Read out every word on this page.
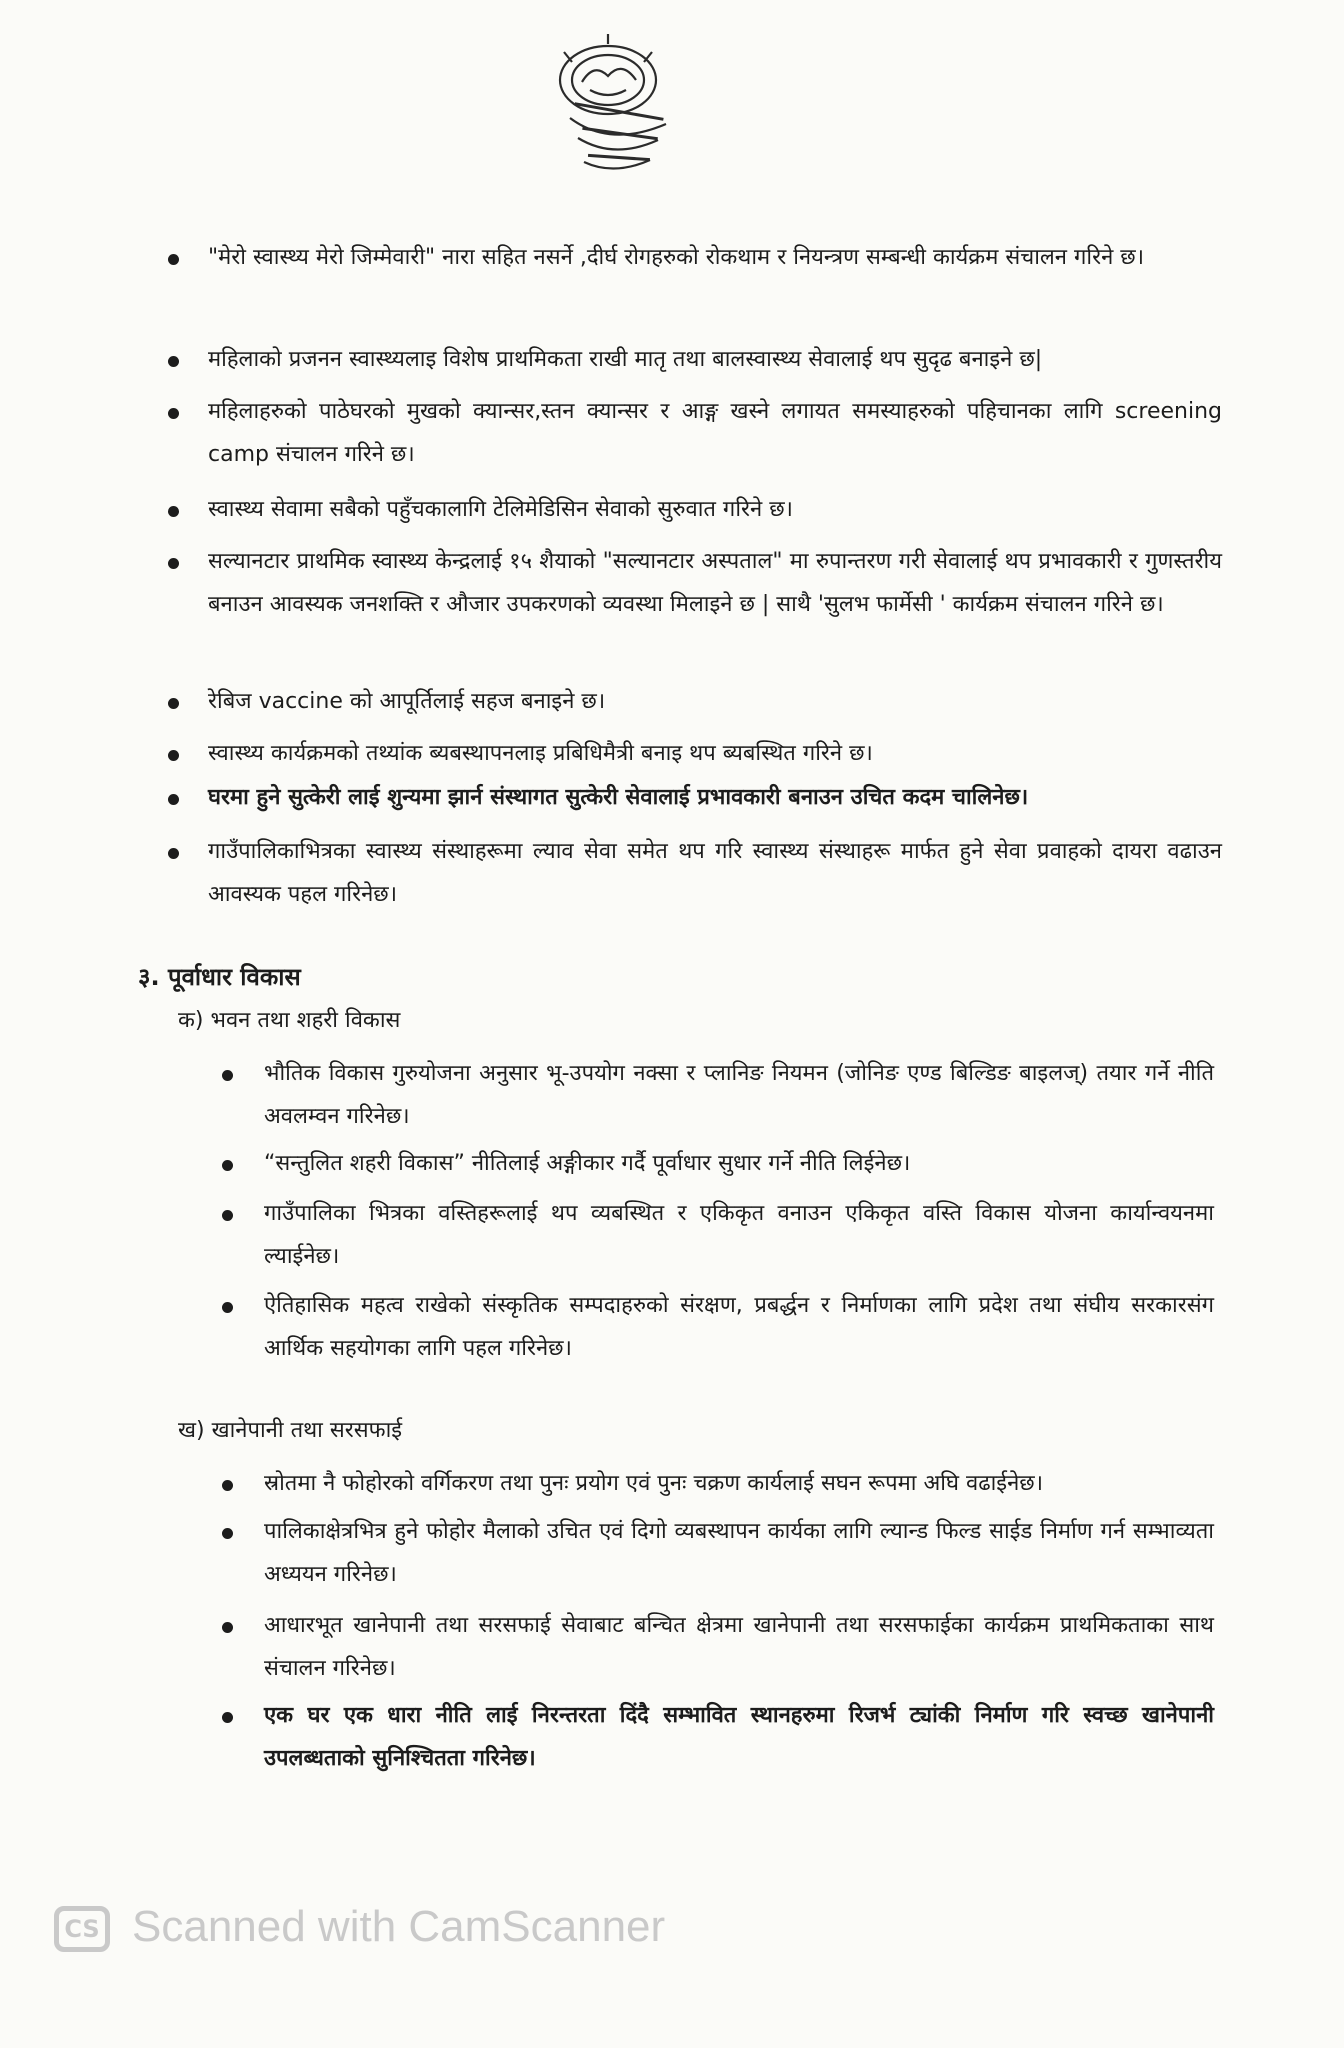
"मेरो स्वास्थ्य मेरो जिम्मेवारी" नारा सहित नसर्ने ,दीर्घ रोगहरुको रोकथाम र नियन्त्रण सम्बन्धी कार्यक्रम संचालन गरिने छ।
महिलाको प्रजनन स्वास्थ्यलाइ विशेष प्राथमिकता राखी मातृ तथा बालस्वास्थ्य सेवालाई थप सुदृढ बनाइने छ|
महिलाहरुको पाठेघरको मुखको क्यान्सर,स्तन क्यान्सर र आङ्ग खस्ने लगायत समस्याहरुको पहिचानका लागि screening camp संचालन गरिने छ।
स्वास्थ्य सेवामा सबैको पहुँचकालागि टेलिमेडिसिन सेवाको सुरुवात गरिने छ।
सल्यानटार प्राथमिक स्वास्थ्य केन्द्रलाई १५ शैयाको "सल्यानटार अस्पताल" मा रुपान्तरण गरी सेवालाई थप प्रभावकारी र गुणस्तरीय बनाउन आवस्यक जनशक्ति र औजार उपकरणको व्यवस्था मिलाइने छ | साथै 'सुलभ फार्मेसी ' कार्यक्रम संचालन गरिने छ।
रेबिज vaccine को आपूर्तिलाई सहज बनाइने छ।
स्वास्थ्य कार्यक्रमको तथ्यांक ब्यबस्थापनलाइ प्रबिधिमैत्री बनाइ थप ब्यबस्थित गरिने छ।
घरमा हुने सुत्केरी लाई शुन्यमा झार्न संस्थागत सुत्केरी सेवालाई प्रभावकारी बनाउन उचित कदम चालिनेछ।
गाउँपालिकाभित्रका स्वास्थ्य संस्थाहरूमा ल्याव सेवा समेत थप गरि स्वास्थ्य संस्थाहरू मार्फत हुने सेवा प्रवाहको दायरा वढाउन आवस्यक पहल गरिनेछ।
३. पूर्वाधार विकास
क) भवन तथा शहरी विकास
भौतिक विकास गुरुयोजना अनुसार भू-उपयोग नक्सा र प्लानिङ नियमन (जोनिङ एण्ड बिल्डिङ बाइलज्) तयार गर्ने नीति अवलम्वन गरिनेछ।
“सन्तुलित शहरी विकास” नीतिलाई अङ्गीकार गर्दै पूर्वाधार सुधार गर्ने नीति लिईनेछ।
गाउँपालिका भित्रका वस्तिहरूलाई थप व्यबस्थित र एकिकृत वनाउन एकिकृत वस्ति विकास योजना कार्यान्वयनमा ल्याईनेछ।
ऐतिहासिक महत्व राखेको संस्कृतिक सम्पदाहरुको संरक्षण, प्रबर्द्धन र निर्माणका लागि प्रदेश तथा संघीय सरकारसंग आर्थिक सहयोगका लागि पहल गरिनेछ।
ख) खानेपानी तथा सरसफाई
स्रोतमा नै फोहोरको वर्गिकरण तथा पुनः प्रयोग एवं पुनः चक्रण कार्यलाई सघन रूपमा अघि वढाईनेछ।
पालिकाक्षेत्रभित्र हुने फोहोर मैलाको उचित एवं दिगो व्यबस्थापन कार्यका लागि ल्यान्ड फिल्ड साईड निर्माण गर्न सम्भाव्यता अध्ययन गरिनेछ।
आधारभूत खानेपानी तथा सरसफाई सेवाबाट बन्चित क्षेत्रमा खानेपानी तथा सरसफाईका कार्यक्रम प्राथमिकताका साथ संचालन गरिनेछ।
एक घर एक धारा नीति लाई निरन्तरता दिंदै सम्भावित स्थानहरुमा रिजर्भ ट्यांकी निर्माण गरि स्वच्छ खानेपानी उपलब्धताको सुनिश्चितता गरिनेछ।
CS Scanned with CamScanner
